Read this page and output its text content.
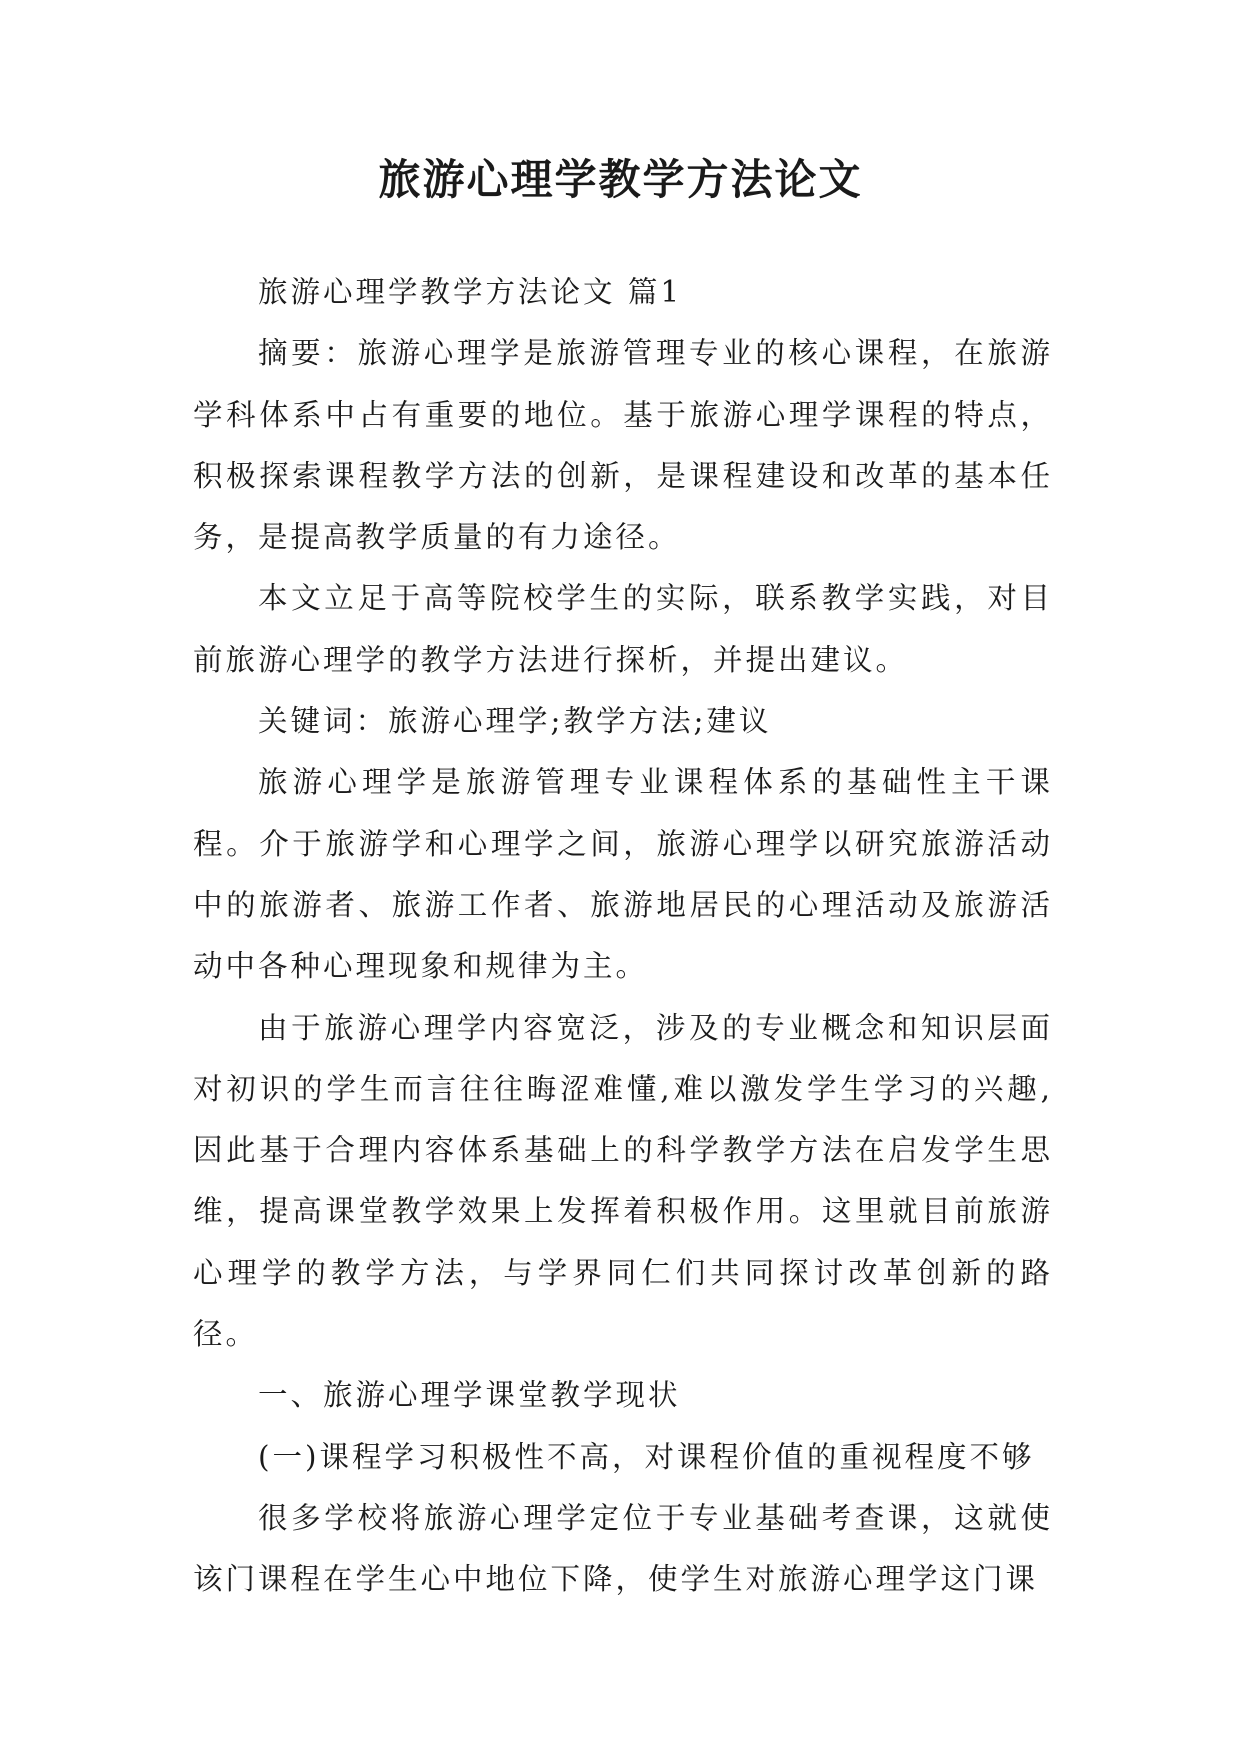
旅游心理学教学方法论文

旅游心理学教学方法论文 篇1

摘要：旅游心理学是旅游管理专业的核心课程，在旅游学科体系中占有重要的地位。基于旅游心理学课程的特点，积极探索课程教学方法的创新，是课程建设和改革的基本任务，是提高教学质量的有力途径。

本文立足于高等院校学生的实际，联系教学实践，对目前旅游心理学的教学方法进行探析，并提出建议。

关键词：旅游心理学;教学方法;建议

旅游心理学是旅游管理专业课程体系的基础性主干课程。介于旅游学和心理学之间，旅游心理学以研究旅游活动中的旅游者、旅游工作者、旅游地居民的心理活动及旅游活动中各种心理现象和规律为主。

由于旅游心理学内容宽泛，涉及的专业概念和知识层面对初识的学生而言往往晦涩难懂,难以激发学生学习的兴趣,因此基于合理内容体系基础上的科学教学方法在启发学生思维，提高课堂教学效果上发挥着积极作用。这里就目前旅游心理学的教学方法，与学界同仁们共同探讨改革创新的路径。

一、旅游心理学课堂教学现状

(一)课程学习积极性不高，对课程价值的重视程度不够

很多学校将旅游心理学定位于专业基础考查课，这就使该门课程在学生心中地位下降，使学生对旅游心理学这门课
